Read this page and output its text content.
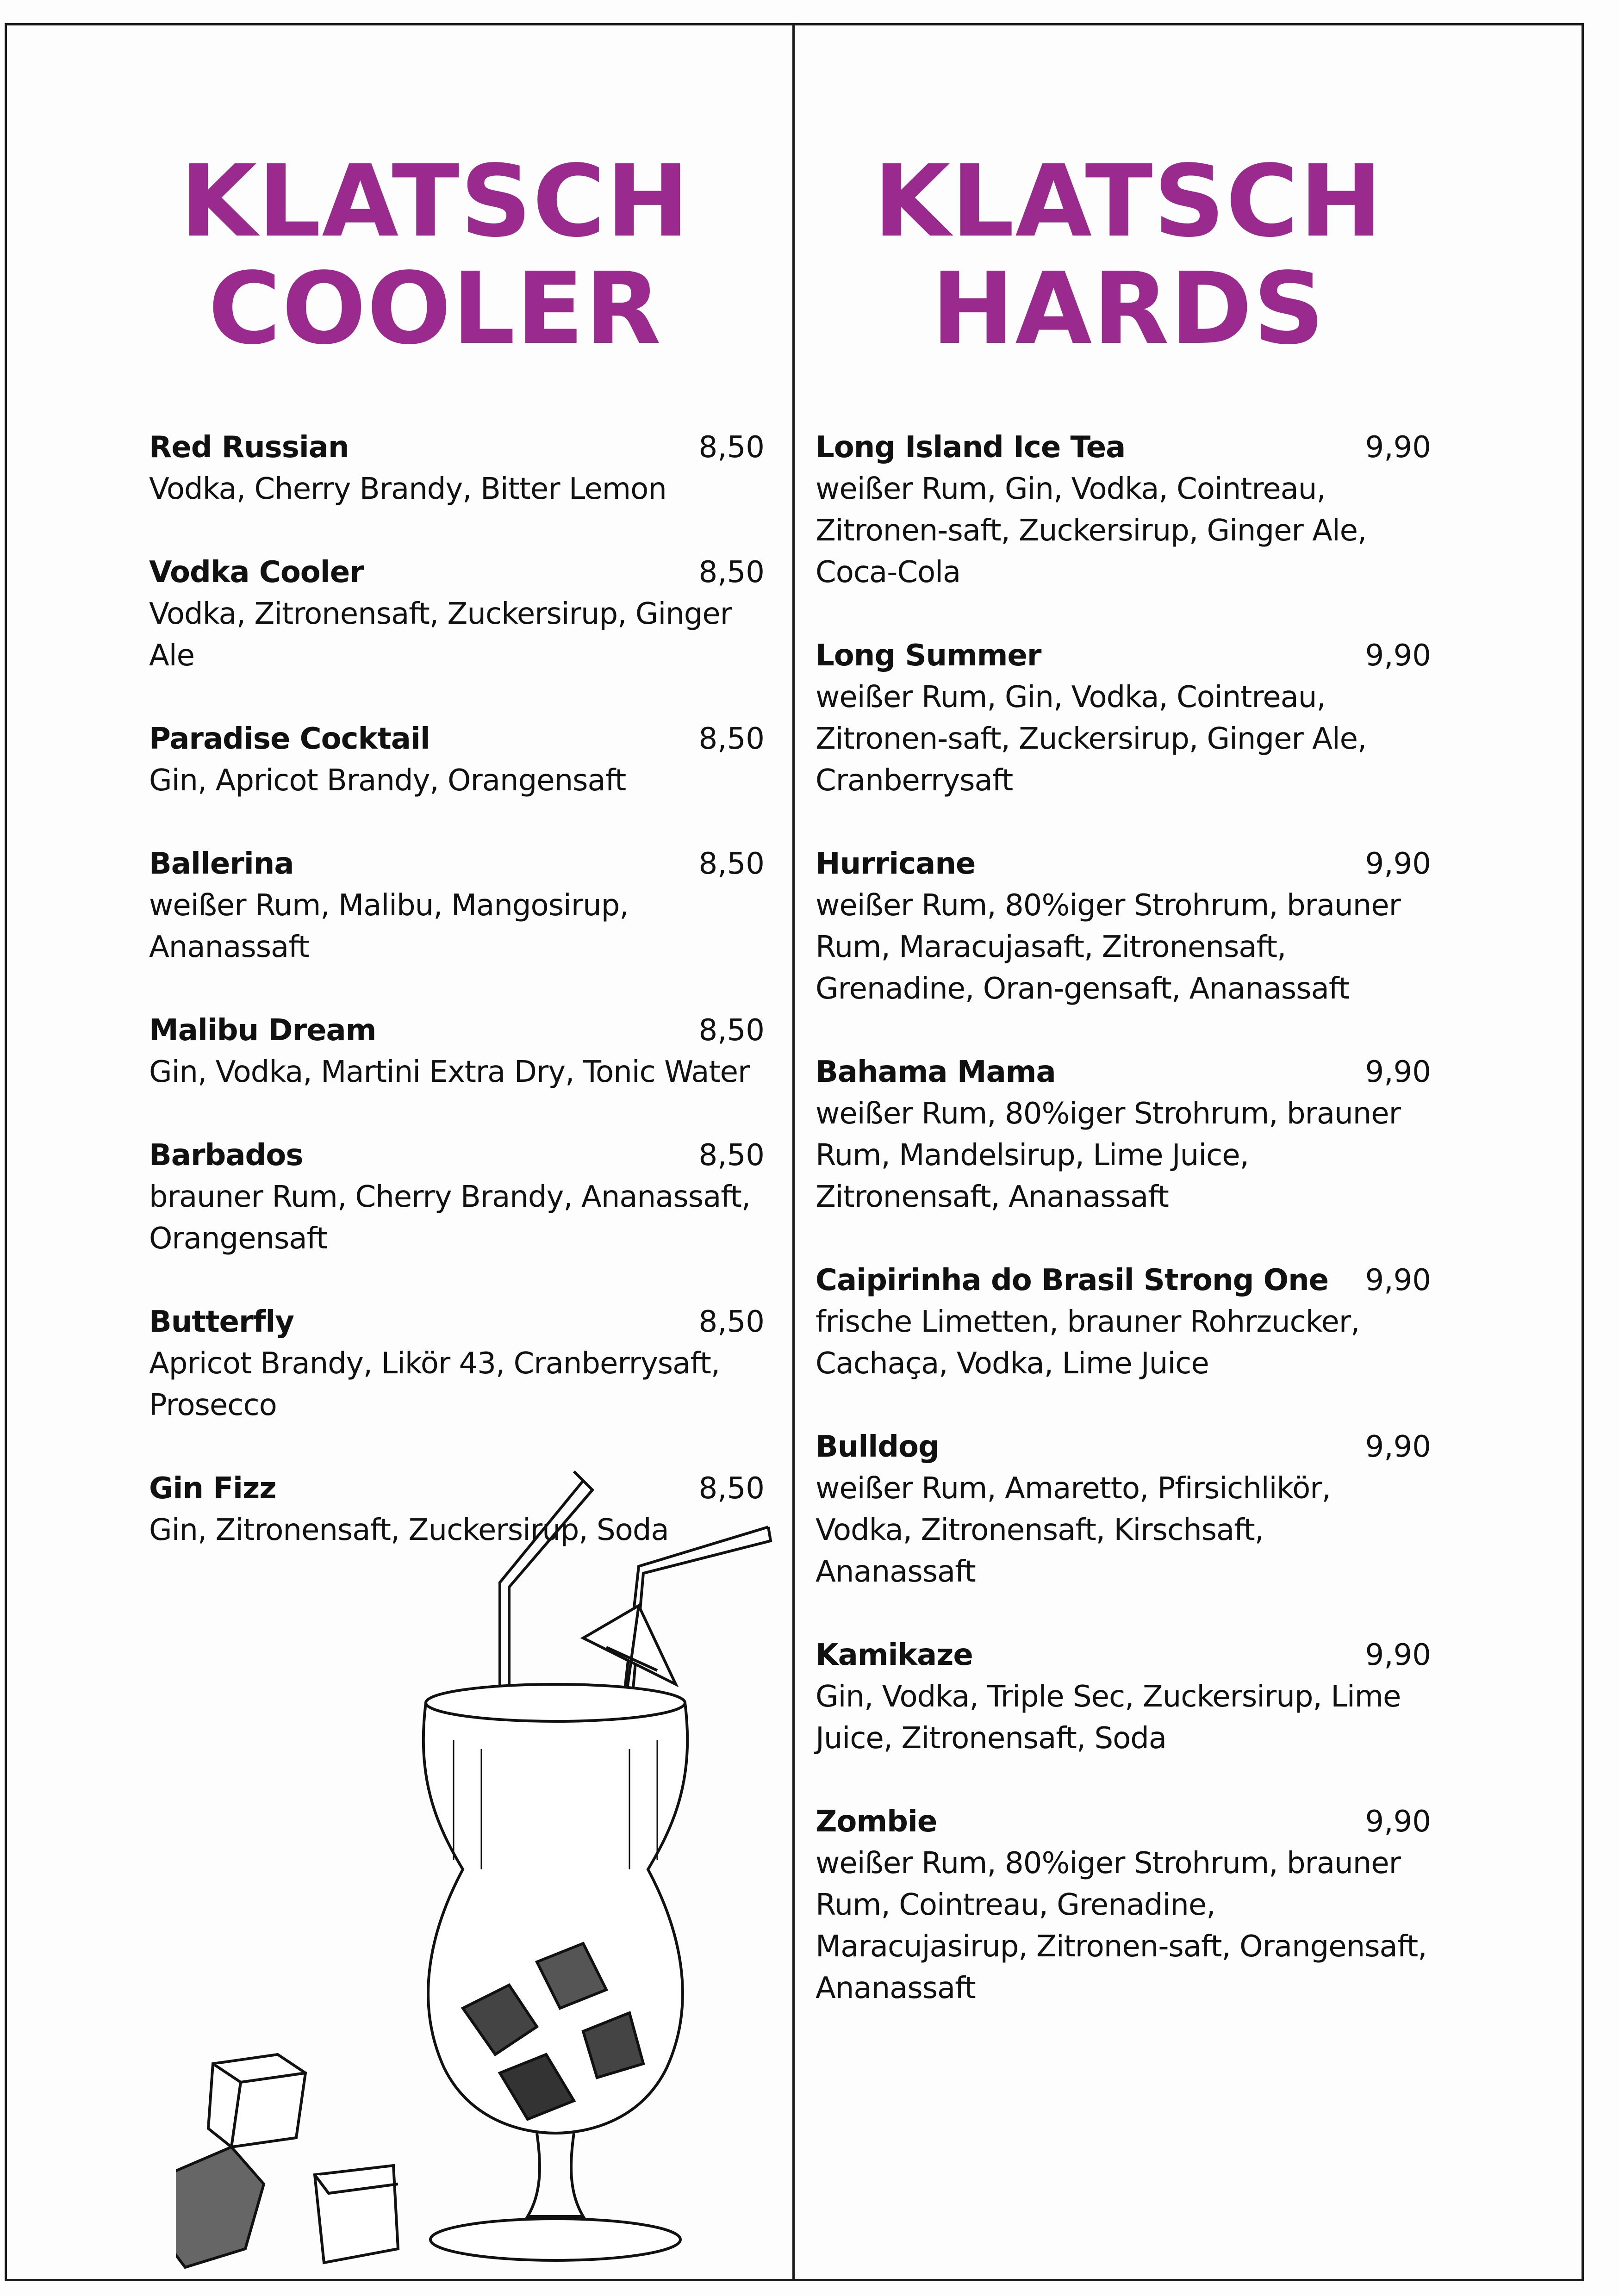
KLATSCH
COOLER
KLATSCH
HARDS
Red Russian	8,50
Vodka, Cherry Brandy, Bitter Lemon
Vodka Cooler	8,50
Vodka, Zitronensaft, Zuckersirup, Ginger Ale
Paradise Cocktail	8,50
Gin, Apricot Brandy, Orangensaft
Ballerina	8,50
weißer Rum, Malibu, Mangosirup, Ananassaft
Malibu Dream	8,50
Gin, Vodka, Martini Extra Dry, Tonic Water
Barbados	8,50
brauner Rum, Cherry Brandy, Ananassaft, Orangensaft
Butterfly	8,50
Apricot Brandy, Likör 43, Cranberrysaft, Prosecco
Gin Fizz	8,50
Gin, Zitronensaft, Zuckersirup, Soda
Long Island Ice Tea	9,90
weißer Rum, Gin, Vodka, Cointreau, Zitronen-saft, Zuckersirup, Ginger Ale, Coca-Cola
Long Summer	9,90
weißer Rum, Gin, Vodka, Cointreau, Zitronen-saft, Zuckersirup, Ginger Ale, Cranberrysaft
Hurricane	9,90
weißer Rum, 80%iger Strohrum, brauner Rum, Maracujasaft, Zitronensaft, Grenadine, Oran-gensaft, Ananassaft
Bahama Mama	9,90
weißer Rum, 80%iger Strohrum, brauner Rum, Mandelsirup, Lime Juice, Zitronensaft, Ananassaft
Caipirinha do Brasil Strong One 9,90
frische Limetten, brauner Rohrzucker, Cachaça, Vodka, Lime Juice
Bulldog	9,90
weißer Rum, Amaretto, Pfirsichlikör, Vodka, Zitronensaft, Kirschsaft, Ananassaft
Kamikaze	9,90
Gin, Vodka, Triple Sec, Zuckersirup, Lime Juice, Zitronensaft, Soda
Zombie	9,90
weißer Rum, 80%iger Strohrum, brauner Rum, Cointreau, Grenadine, Maracujasirup, Zitronen-saft, Orangensaft, Ananassaft
